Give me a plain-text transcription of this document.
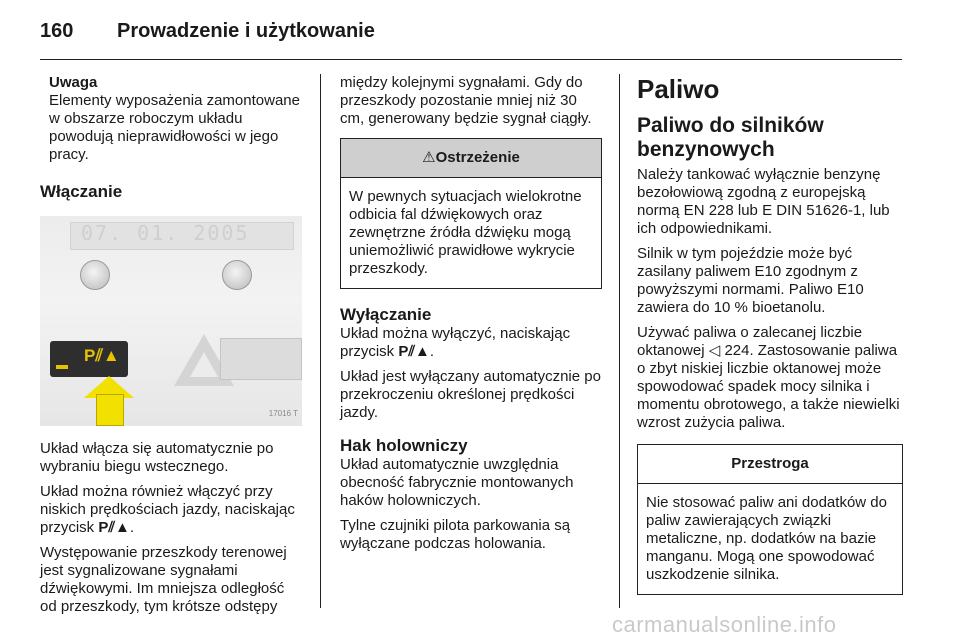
160 Prowadzenie i użytkowanie
Uwaga
Elementy wyposażenia zamontowane w obszarze roboczym układu powodują nieprawidłowości w jego pracy.
Włączanie
07. 01. 2005
P⫽▲
17016 T

Układ włącza się automatycznie po wybraniu biegu wstecznego.

Układ można również włączyć przy niskich prędkościach jazdy, naciskając przycisk P⫽▲.

Występowanie przeszkody terenowej jest sygnalizowane sygnałami dźwiękowymi. Im mniejsza odległość od przeszkody, tym krótsze odstępy

między kolejnymi sygnałami. Gdy do przeszkody pozostanie mniej niż 30 cm, generowany będzie sygnał ciągły.

⚠Ostrzeżenie
W pewnych sytuacjach wielokrotne odbicia fal dźwiękowych oraz zewnętrzne źródła dźwięku mogą uniemożliwić prawidłowe wykrycie przeszkody.
Wyłączanie

Układ można wyłączyć, naciskając przycisk P⫽▲.

Układ jest wyłączany automatycznie po przekroczeniu określonej prędkości jazdy.

Hak holowniczy

Układ automatycznie uwzględnia obecność fabrycznie montowanych haków holowniczych.

Tylne czujniki pilota parkowania są wyłączane podczas holowania.

Paliwo
Paliwo do silników benzynowych

Należy tankować wyłącznie benzynę bezołowiową zgodną z europejską normą EN 228 lub E DIN 51626-1, lub ich odpowiednikami.

Silnik w tym pojeździe może być zasilany paliwem E10 zgodnym z powyższymi normami. Paliwo E10 zawiera do 10 % bioetanolu.

Używać paliwa o zalecanej liczbie oktanowej ◁ 224. Zastosowanie paliwa o zbyt niskiej liczbie oktanowej może spowodować spadek mocy silnika i momentu obrotowego, a także niewielki wzrost zużycia paliwa.

Przestroga
Nie stosować paliw ani dodatków do paliw zawierających związki metaliczne, np. dodatków na bazie manganu. Mogą one spowodować uszkodzenie silnika.
carmanualsonline.info
